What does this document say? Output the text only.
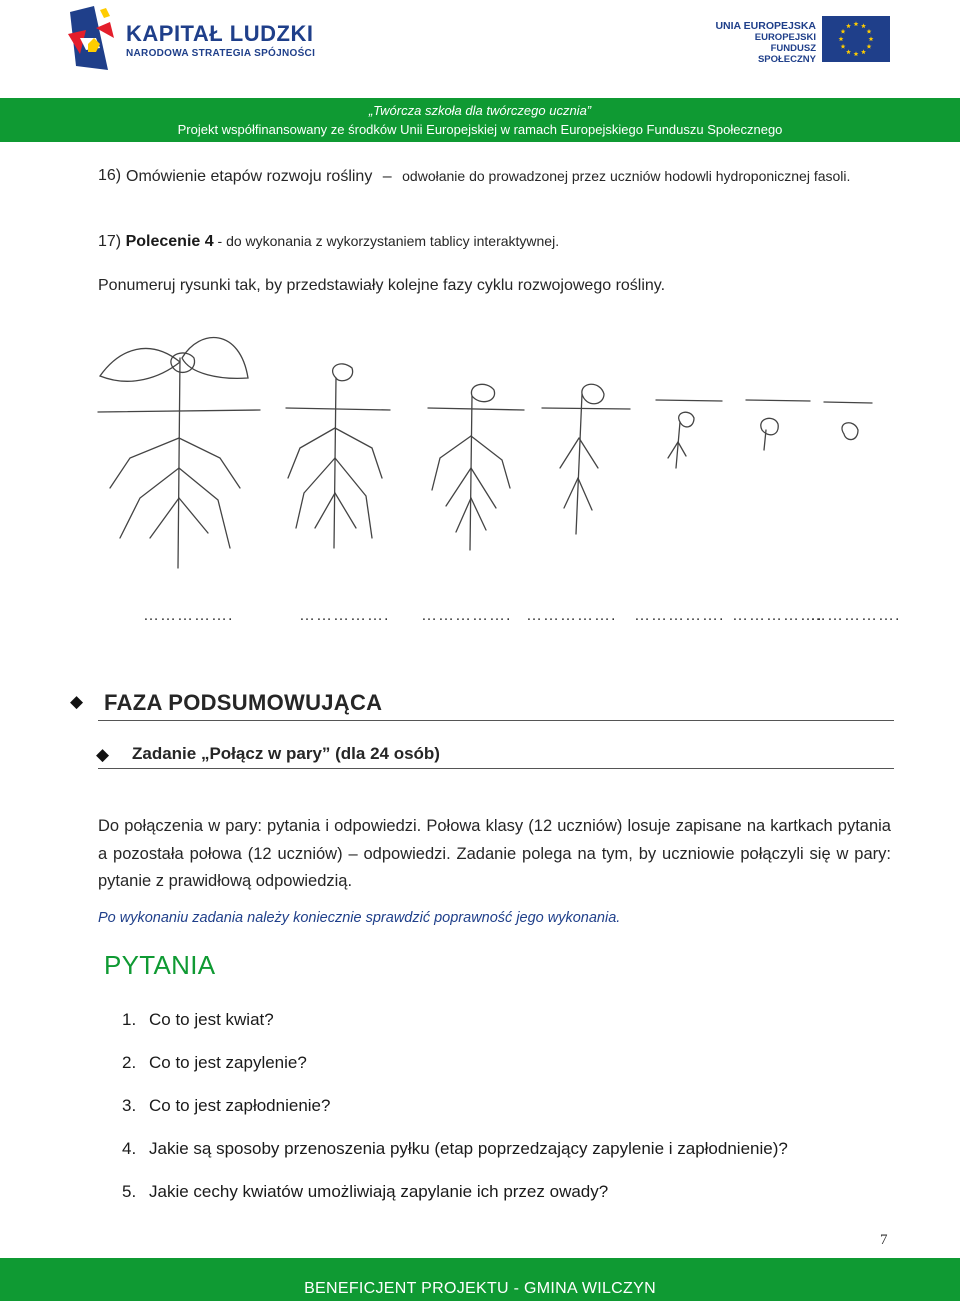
KAPITAŁ LUDZKI
NARODOWA STRATEGIA SPÓJNOŚCI
UNIA EUROPEJSKA
EUROPEJSKI
FUNDUSZ SPOŁECZNY
„Twórcza szkoła dla twórczego ucznia”
Projekt współfinansowany ze środków Unii Europejskiej w ramach Europejskiego Funduszu Społecznego
16) Omówienie etapów rozwoju rośliny – odwołanie do prowadzonej przez uczniów hodowli hydroponicznej fasoli.
17) Polecenie 4 - do wykonania z wykorzystaniem tablicy interaktywnej.
Ponumeruj rysunki tak, by przedstawiały kolejne fazy cyklu rozwojowego rośliny.
…………….	……………. ……………. ……………. ……………. …………….
…………….
◆ FAZA PODSUMOWUJĄCA
◆ Zadanie „Połącz w pary” (dla 24 osób)
Do połączenia w pary: pytania i odpowiedzi. Połowa klasy (12 uczniów) losuje zapisane na kartkach pytania a pozostała połowa (12 uczniów) – odpowiedzi. Zadanie polega na tym, by uczniowie połączyli się w pary: pytanie z prawidłową odpowiedzią.
Po wykonaniu zadania należy koniecznie sprawdzić poprawność jego wykonania.
PYTANIA
1. Co to jest kwiat?
2. Co to jest zapylenie?
3. Co to jest zapłodnienie?
4. Jakie są sposoby przenoszenia pyłku (etap poprzedzający zapylenie i zapłodnienie)?
5. Jakie cechy kwiatów umożliwiają zapylanie ich przez owady?
7
BENEFICJENT PROJEKTU - GMINA WILCZYN
